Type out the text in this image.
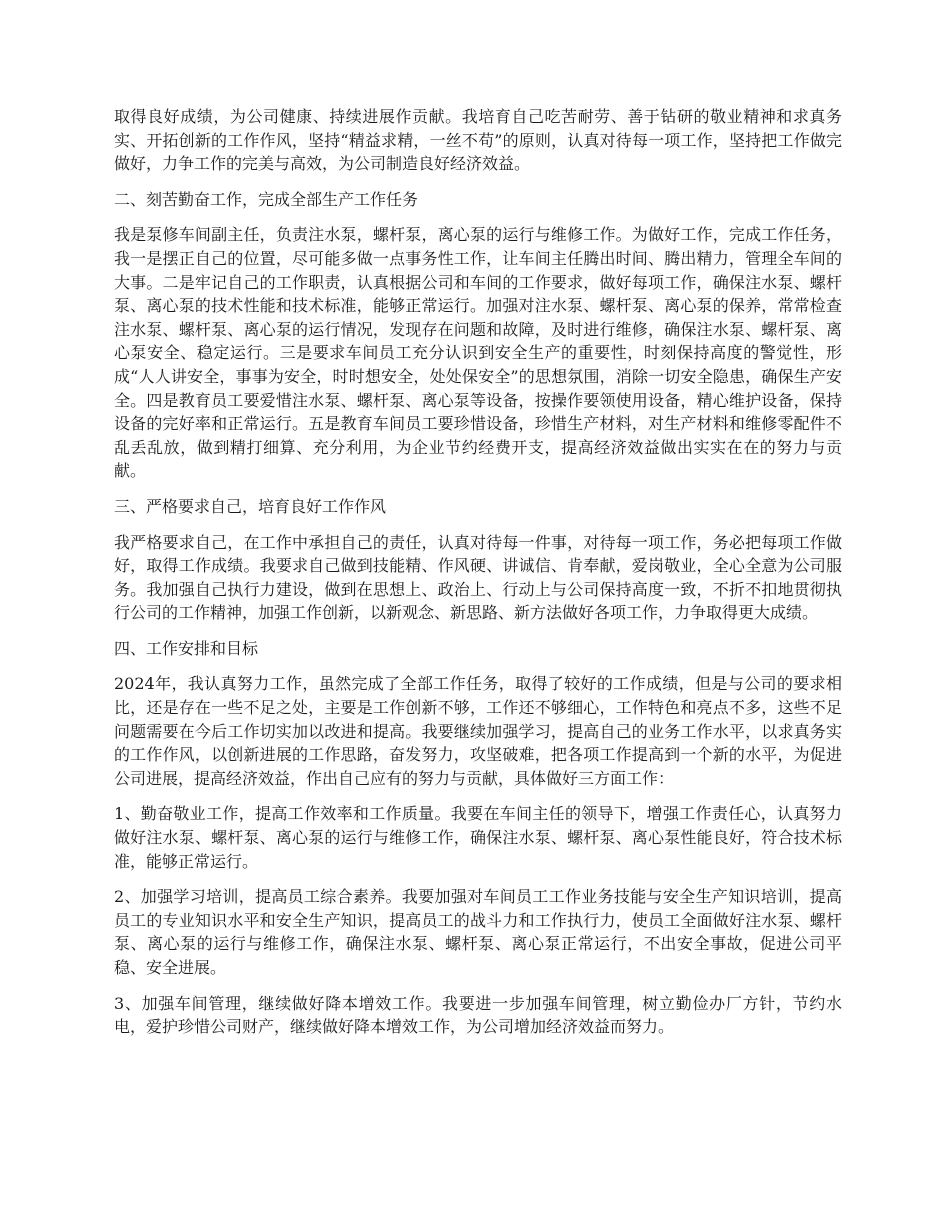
取得良好成绩，为公司健康、持续进展作贡献。我培育自己吃苦耐劳、善于钻研的敬业精神和求真务实、开拓创新的工作作风，坚持“精益求精，一丝不苟”的原则，认真对待每一项工作，坚持把工作做完做好，力争工作的完美与高效，为公司制造良好经济效益。

二、刻苦勤奋工作，完成全部生产工作任务

我是泵修车间副主任，负责注水泵，螺杆泵，离心泵的运行与维修工作。为做好工作，完成工作任务，我一是摆正自己的位置，尽可能多做一点事务性工作，让车间主任腾出时间、腾出精力，管理全车间的大事。二是牢记自己的工作职责，认真根据公司和车间的工作要求，做好每项工作，确保注水泵、螺杆泵、离心泵的技术性能和技术标准，能够正常运行。加强对注水泵、螺杆泵、离心泵的保养，常常检查注水泵、螺杆泵、离心泵的运行情况，发现存在问题和故障，及时进行维修，确保注水泵、螺杆泵、离心泵安全、稳定运行。三是要求车间员工充分认识到安全生产的重要性，时刻保持高度的警觉性，形成“人人讲安全，事事为安全，时时想安全，处处保安全”的思想氛围，消除一切安全隐患，确保生产安全。四是教育员工要爱惜注水泵、螺杆泵、离心泵等设备，按操作要领使用设备，精心维护设备，保持设备的完好率和正常运行。五是教育车间员工要珍惜设备，珍惜生产材料，对生产材料和维修零配件不乱丢乱放，做到精打细算、充分利用，为企业节约经费开支，提高经济效益做出实实在在的努力与贡献。

三、严格要求自己，培育良好工作作风

我严格要求自己，在工作中承担自己的责任，认真对待每一件事，对待每一项工作，务必把每项工作做好，取得工作成绩。我要求自己做到技能精、作风硬、讲诚信、肯奉献，爱岗敬业，全心全意为公司服务。我加强自己执行力建设，做到在思想上、政治上、行动上与公司保持高度一致，不折不扣地贯彻执行公司的工作精神，加强工作创新，以新观念、新思路、新方法做好各项工作，力争取得更大成绩。

四、工作安排和目标

2024年，我认真努力工作，虽然完成了全部工作任务，取得了较好的工作成绩，但是与公司的要求相比，还是存在一些不足之处，主要是工作创新不够，工作还不够细心，工作特色和亮点不多，这些不足问题需要在今后工作切实加以改进和提高。我要继续加强学习，提高自己的业务工作水平，以求真务实的工作作风，以创新进展的工作思路，奋发努力，攻坚破难，把各项工作提高到一个新的水平，为促进公司进展，提高经济效益，作出自己应有的努力与贡献，具体做好三方面工作：

1、勤奋敬业工作，提高工作效率和工作质量。我要在车间主任的领导下，增强工作责任心，认真努力做好注水泵、螺杆泵、离心泵的运行与维修工作，确保注水泵、螺杆泵、离心泵性能良好，符合技术标准，能够正常运行。

2、加强学习培训，提高员工综合素养。我要加强对车间员工工作业务技能与安全生产知识培训，提高员工的专业知识水平和安全生产知识，提高员工的战斗力和工作执行力，使员工全面做好注水泵、螺杆泵、离心泵的运行与维修工作，确保注水泵、螺杆泵、离心泵正常运行，不出安全事故，促进公司平稳、安全进展。

3、加强车间管理，继续做好降本增效工作。我要进一步加强车间管理，树立勤俭办厂方针，节约水电，爱护珍惜公司财产，继续做好降本增效工作，为公司增加经济效益而努力。
